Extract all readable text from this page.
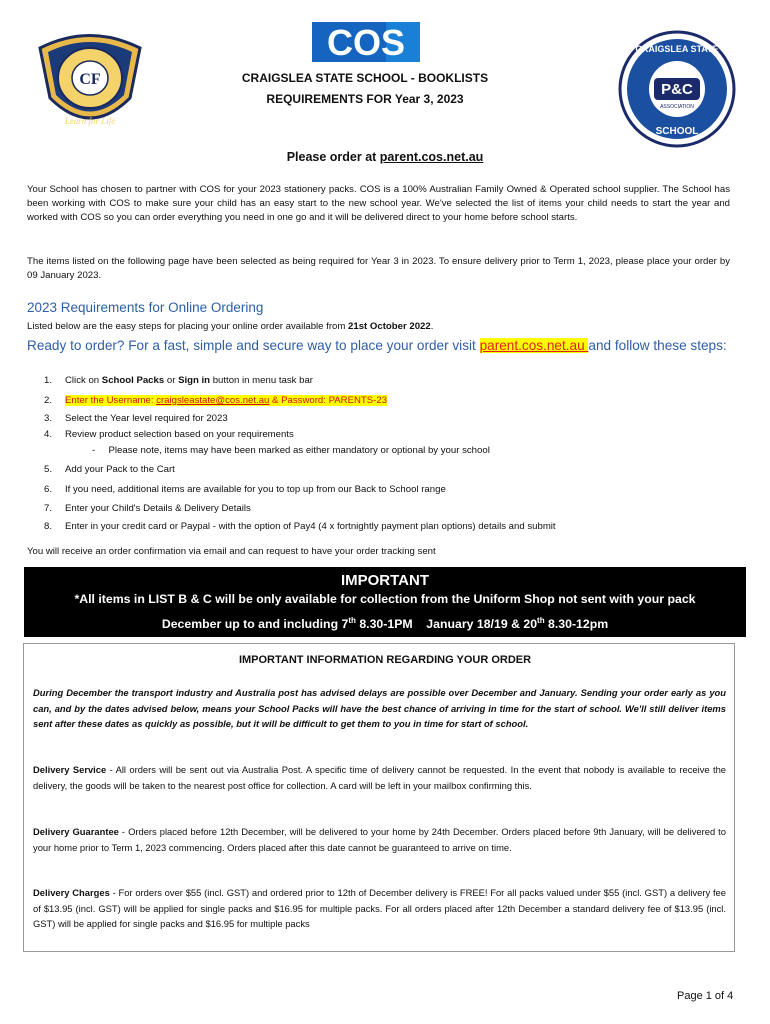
COS
CF
Learn for Life
P&C
ASSOCIATION
CRAIGSLEA STATE
SCHOOL
CRAIGSLEA STATE SCHOOL - BOOKLISTS
REQUIREMENTS FOR Year 3, 2023
Please order at parent.cos.net.au
Your School has chosen to partner with COS for your 2023 stationery packs. COS is a 100% Australian Family Owned & Operated school supplier. The School has been working with COS to make sure your child has an easy start to the new school year. We've selected the list of items your child needs to start the year and worked with COS so you can order everything you need in one go and it will be delivered direct to your home before school starts.
The items listed on the following page have been selected as being required for Year 3 in 2023. To ensure delivery prior to Term 1, 2023, please place your order by 09 January 2023.
2023 Requirements for Online Ordering
Listed below are the easy steps for placing your online order available from 21st October 2022.
Ready to order? For a fast, simple and secure way to place your order visit parent.cos.net.au and follow these steps:
1. Click on School Packs or Sign in button in menu task bar
2. Enter the Username: craigsleastate@cos.net.au & Password: PARENTS-23
3. Select the Year level required for 2023
4. Review product selection based on your requirements
- Please note, items may have been marked as either mandatory or optional by your school
5. Add your Pack to the Cart
6. If you need, additional items are available for you to top up from our Back to School range
7. Enter your Child's Details & Delivery Details
8. Enter in your credit card or Paypal - with the option of Pay4 (4 x fortnightly payment plan options) details and submit
You will receive an order confirmation via email and can request to have your order tracking sent
IMPORTANT
*All items in LIST B & C will be only available for collection from the Uniform Shop not sent with your pack
December up to and including 7th 8.30-1PM    January 18/19 & 20th 8.30-12pm
IMPORTANT INFORMATION REGARDING YOUR ORDER
During December the transport industry and Australia post has advised delays are possible over December and January. Sending your order early as you can, and by the dates advised below, means your School Packs will have the best chance of arriving in time for the start of school. We'll still deliver items sent after these dates as quickly as possible, but it will be difficult to get them to you in time for start of school.
Delivery Service - All orders will be sent out via Australia Post. A specific time of delivery cannot be requested. In the event that nobody is available to receive the delivery, the goods will be taken to the nearest post office for collection. A card will be left in your mailbox confirming this.
Delivery Guarantee - Orders placed before 12th December, will be delivered to your home by 24th December. Orders placed before 9th January, will be delivered to your home prior to Term 1, 2023 commencing. Orders placed after this date cannot be guaranteed to arrive on time.
Delivery Charges - For orders over $55 (incl. GST) and ordered prior to 12th of December delivery is FREE! For all packs valued under $55 (incl. GST) a delivery fee of $13.95 (incl. GST) will be applied for single packs and $16.95 for multiple packs. For all orders placed after 12th December a standard delivery fee of $13.95 (incl. GST) will be applied for single packs and $16.95 for multiple packs
Page 1 of 4
